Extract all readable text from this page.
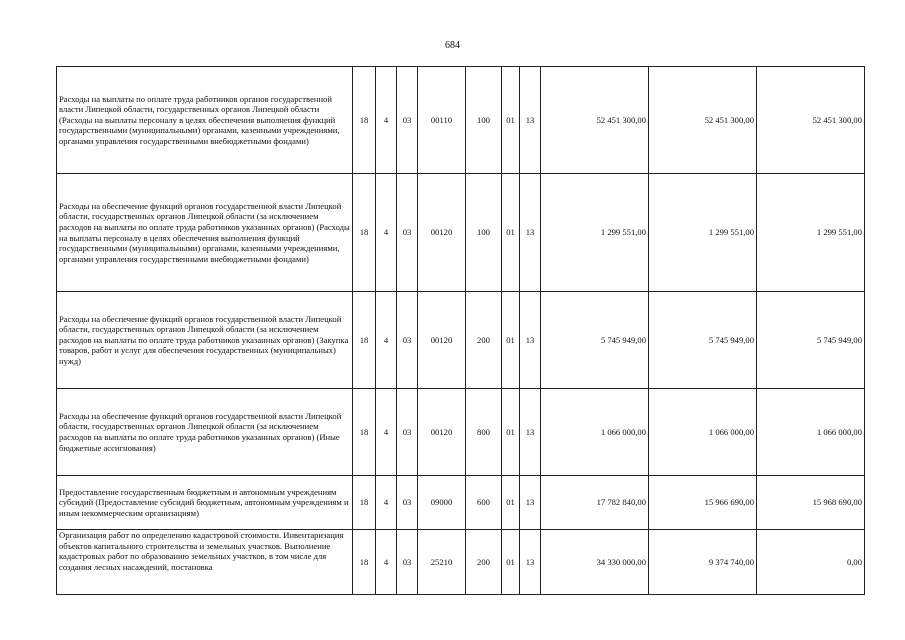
684
Расходы на выплаты по оплате труда работников органов государственной власти Липецкой области, государственных органов Липецкой области (Расходы на выплаты персоналу в целях обеспечения выполнения функций государственными (муниципальными) органами, казенными учреждениями, органами управления государственными внебюджетными фондами)	18	4	03	00110	100	01	13	52 451 300,00	52 451 300,00	52 451 300,00
Расходы на обеспечение функций органов государственной власти Липецкой области, государственных органов Липецкой области (за исключением расходов на выплаты по оплате труда работников указанных органов) (Расходы на выплаты персоналу в целях обеспечения выполнения функций государственными (муниципальными) органами, казенными учреждениями, органами управления государственными внебюджетными фондами)	18	4	03	00120	100	01	13	1 299 551,00	1 299 551,00	1 299 551,00
Расходы на обеспечение функций органов государственной власти Липецкой области, государственных органов Липецкой области (за исключением расходов на выплаты по оплате труда работников указанных органов) (Закупка товаров, работ и услуг для обеспечения государственных (муниципальных) нужд)	18	4	03	00120	200	01	13	5 745 949,00	5 745 949,00	5 745 949,00
Расходы на обеспечение функций органов государственной власти Липецкой области, государственных органов Липецкой области (за исключением расходов на выплаты по оплате труда работников указанных органов) (Иные бюджетные ассигнования)	18	4	03	00120	800	01	13	1 066 000,00	1 066 000,00	1 066 000,00
Предоставление государственным бюджетным и автономным учреждениям субсидий (Предоставление субсидий бюджетным, автономным учреждениям и иным некоммерческим организациям)	18	4	03	09000	600	01	13	17 782 840,00	15 966 690,00	15 968 690,00

Организация работ по определению кадастровой стоимости. Инвентаризация объектов капитального строительства и земельных участков. Выполнение кадастровых работ по образованию земельных участков, в том числе для создания лесных насаждений, постановка	18	4	03	25210	200	01	13	34 330 000,00	9 374 740,00	0,00
